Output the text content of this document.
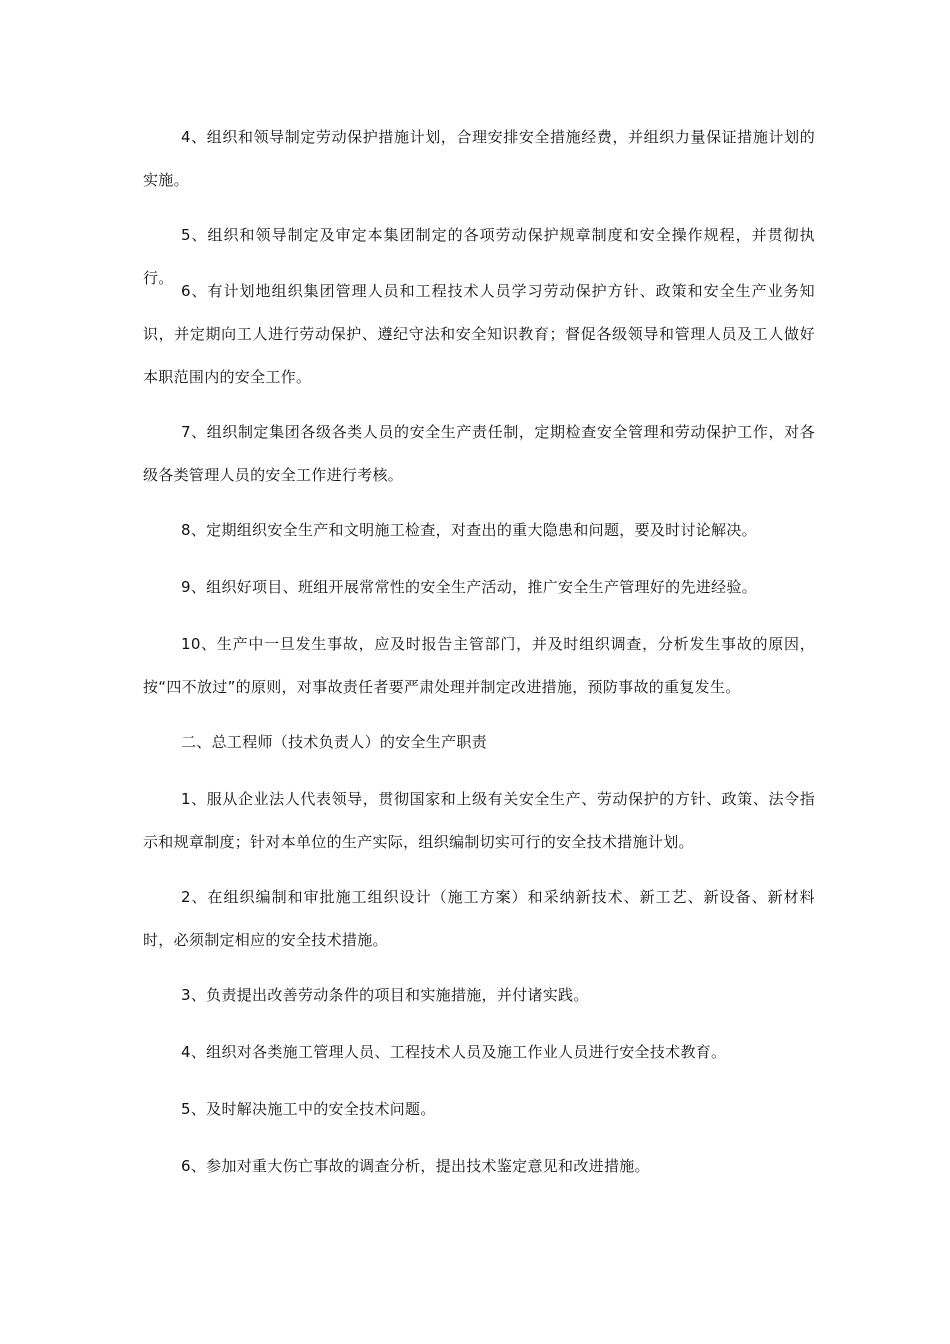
4、组织和领导制定劳动保护措施计划，合理安排安全措施经费，并组织力量保证措施计划的实施。

5、组织和领导制定及审定本集团制定的各项劳动保护规章制度和安全操作规程，并贯彻执行。

6、有计划地组织集团管理人员和工程技术人员学习劳动保护方针、政策和安全生产业务知识，并定期向工人进行劳动保护、遵纪守法和安全知识教育；督促各级领导和管理人员及工人做好本职范围内的安全工作。

7、组织制定集团各级各类人员的安全生产责任制，定期检查安全管理和劳动保护工作，对各级各类管理人员的安全工作进行考核。

8、定期组织安全生产和文明施工检查，对查出的重大隐患和问题，要及时讨论解决。

9、组织好项目、班组开展常常性的安全生产活动，推广安全生产管理好的先进经验。

10、生产中一旦发生事故，应及时报告主管部门，并及时组织调查，分析发生事故的原因，按“四不放过”的原则，对事故责任者要严肃处理并制定改进措施，预防事故的重复发生。

二、总工程师（技术负责人）的安全生产职责

1、服从企业法人代表领导，贯彻国家和上级有关安全生产、劳动保护的方针、政策、法令指示和规章制度；针对本单位的生产实际，组织编制切实可行的安全技术措施计划。

2、在组织编制和审批施工组织设计（施工方案）和采纳新技术、新工艺、新设备、新材料时，必须制定相应的安全技术措施。

3、负责提出改善劳动条件的项目和实施措施，并付诸实践。

4、组织对各类施工管理人员、工程技术人员及施工作业人员进行安全技术教育。

5、及时解决施工中的安全技术问题。

6、参加对重大伤亡事故的调查分析，提出技术鉴定意见和改进措施。
